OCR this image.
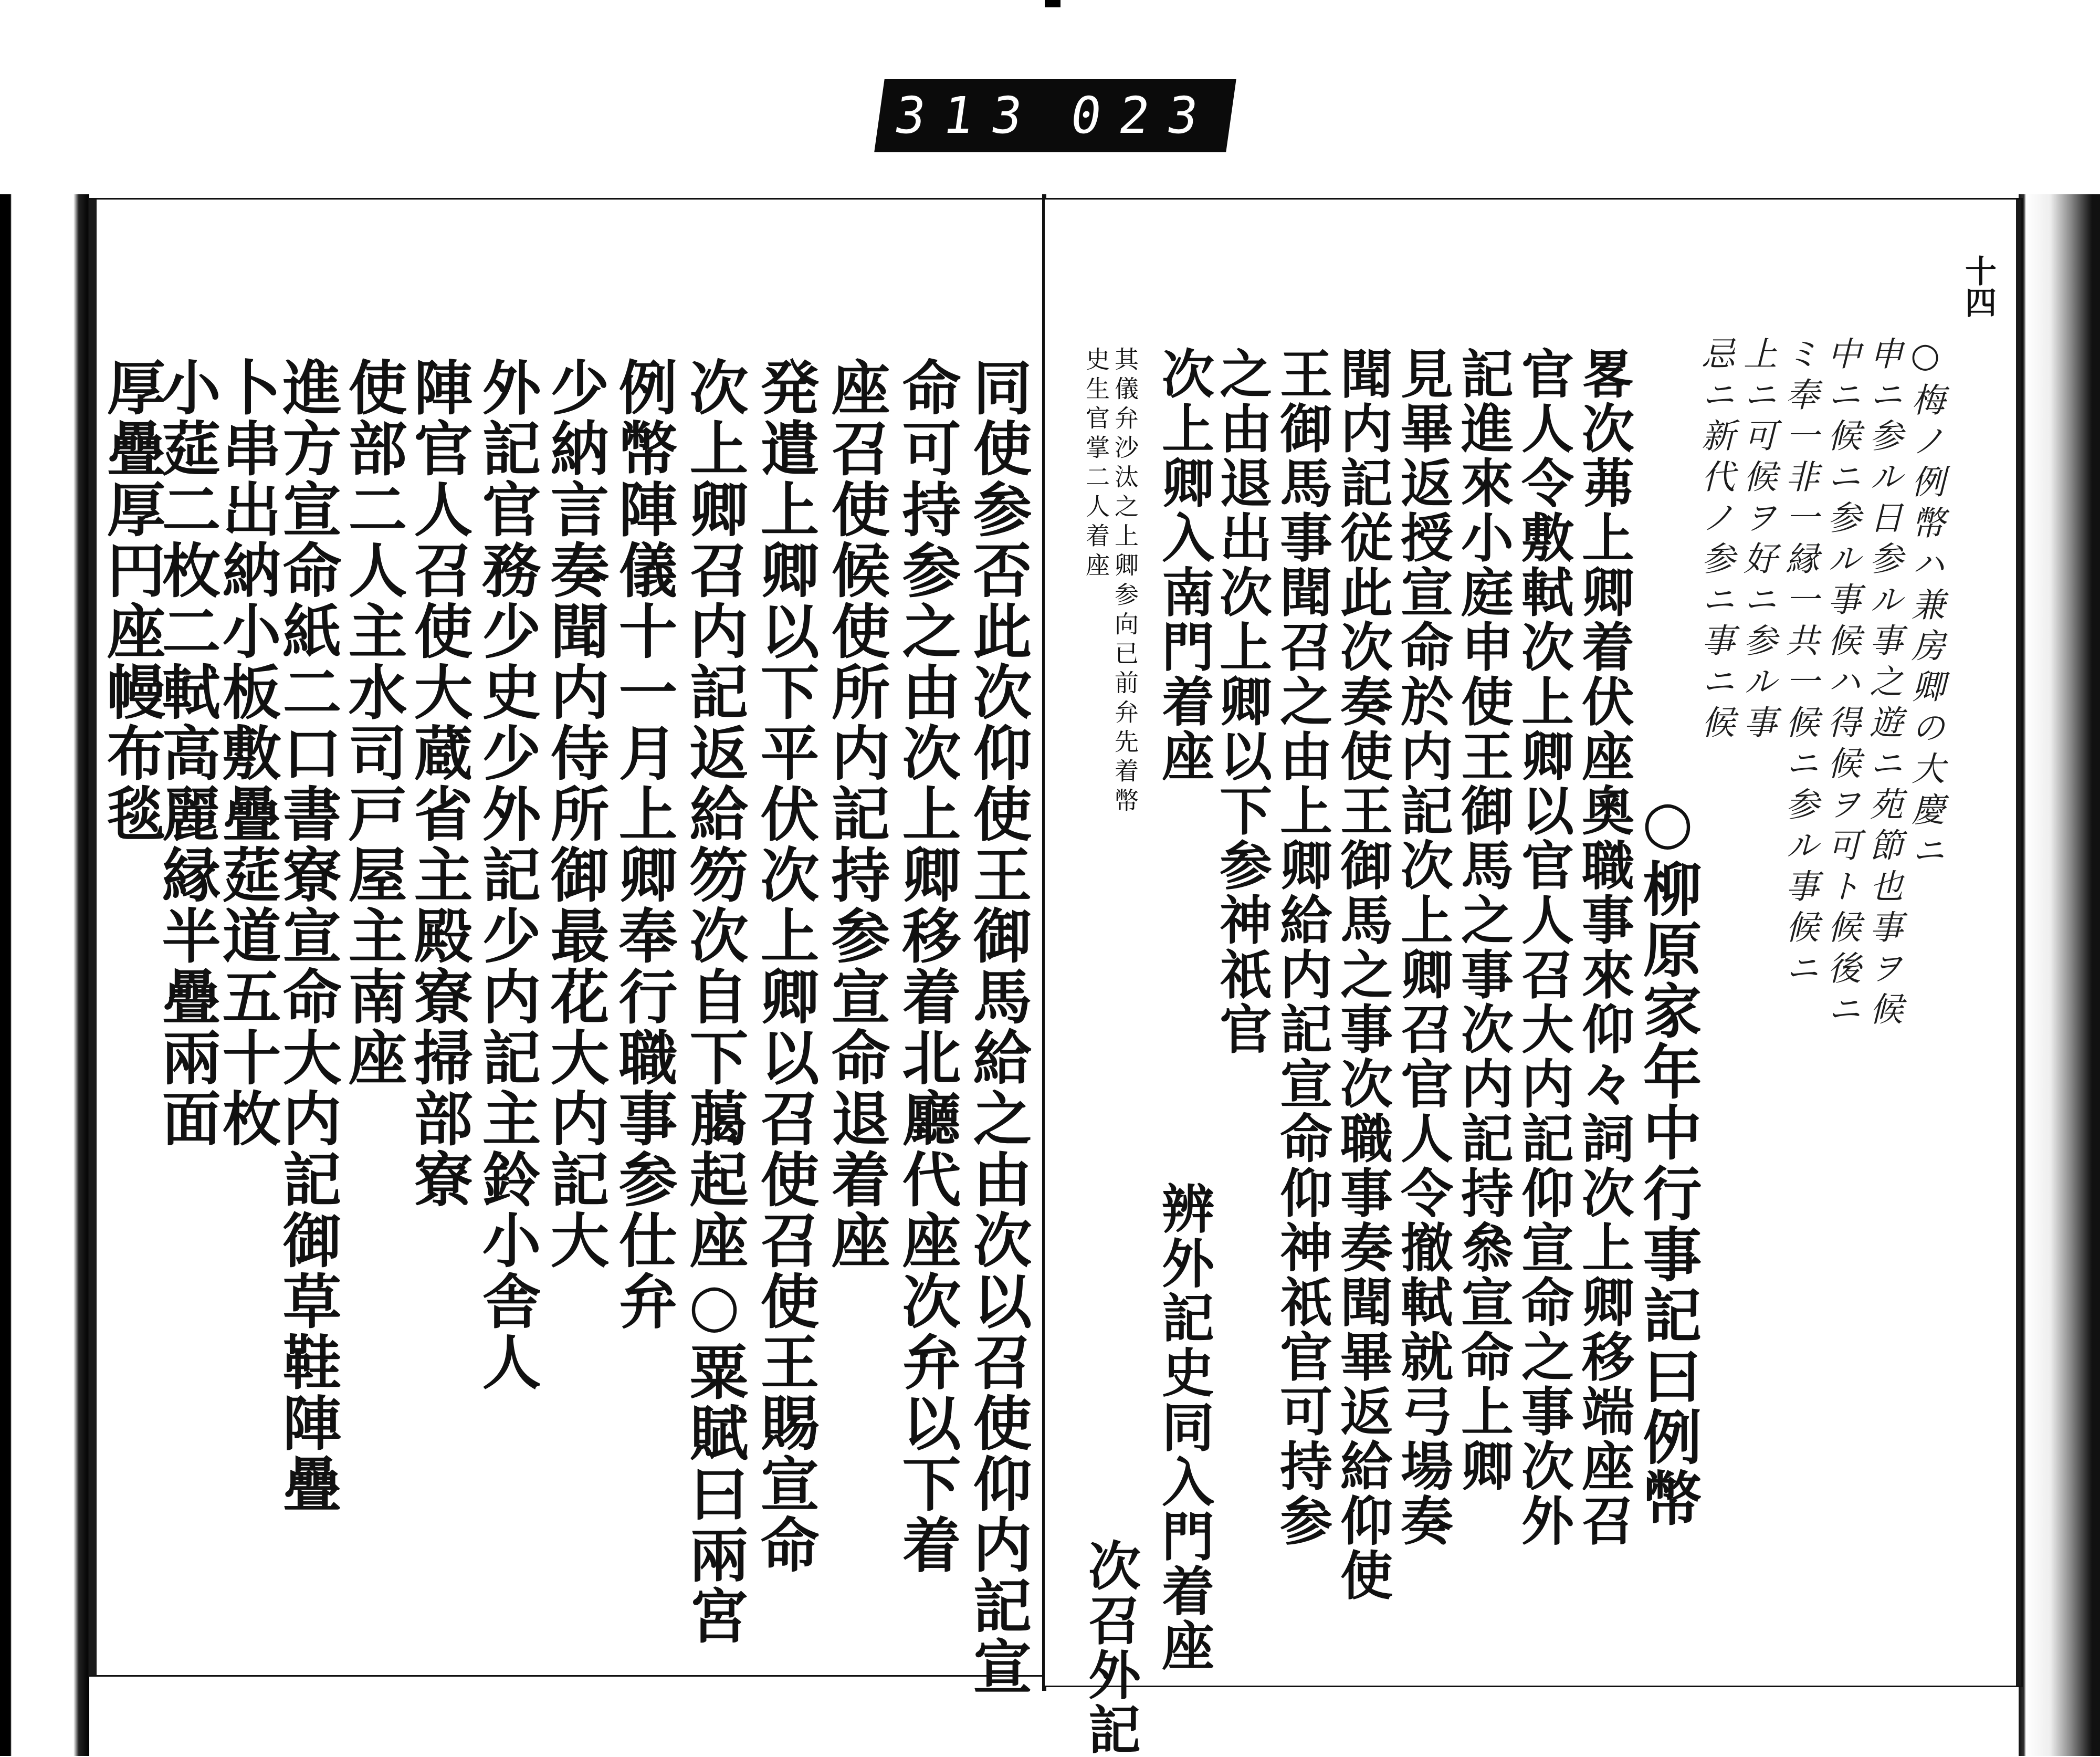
313 023
同使参否此次仰使王御馬給之由次以召使仰内記宣
命可持参之由次上卿移着北廳代座次弁以下着
座召使候使所内記持参宣命退着座
発遣上卿以下平伏次上卿以召使召使王賜宣命
次上卿召内記返給笏次自下﨟起座○粟賦曰兩宮
例幣陣儀十一月上卿奉行職事参仕弁
少納言奏聞内侍所御最花大内記大
外記官務少史少外記少内記主鈴小舎人
陣官人召使大蔵省主殿寮掃部寮
使部二人主水司戸屋主南座
進方宣命紙二口書寮宣命大内記御草鞋陣疊
卜串出納小板敷疊莚道五十枚
小莚二枚二軾高麗縁半疊兩面
厚疊厚円座幔布毯
十四
○梅ノ例幣ハ兼房卿の大慶ニ
申ニ参ル日参ル事之遊ニ苑節也事ヲ候
中ニ候ニ参ル事候ハ得候ヲ可ト候後ニ
ミ奉一非一縁一共一候ニ参ル事候ニ
上ニ可候ヲ好ニ参ル事
忌ニ新代ノ参ニ事ニ候
○柳原家年中行事記曰例幣
畧次茀上卿着伏座奧職事來仰々詞次上卿移端座召
官人令敷軾次上卿以官人召大内記仰宣命之事次外
記進來小庭申使王御馬之事次内記持叅宣命上卿
見畢返授宣命於内記次上卿召官人令撤軾就弓場奏
聞内記従此次奏使王御馬之事次職事奏聞畢返給仰使
王御馬事聞召之由上卿給内記宣命仰神祇官可持参
之由退出次上卿以下参神祇官
次上卿入南門着座
辨外記史同入門着座
其儀弁沙汰之上卿参向已前弁先着幣
史生官掌二人着座
次召外記
